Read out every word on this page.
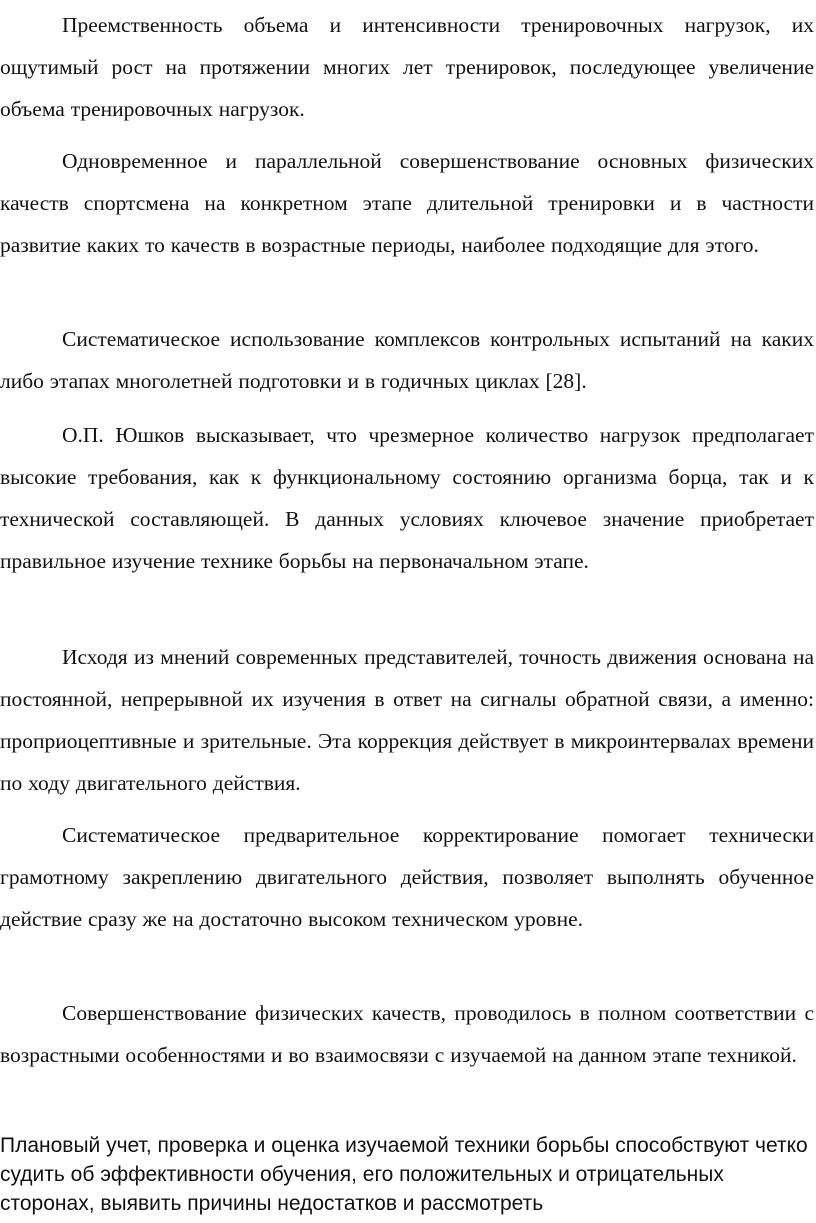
Преемственность объема и интенсивности тренировочных нагрузок, их ощутимый рост на протяжении многих лет тренировок, последующее увеличение объема тренировочных нагрузок.

Одновременное и параллельной совершенствование основных физических качеств спортсмена на конкретном этапе длительной тренировки и в частности развитие каких то качеств в возрастные периоды, наиболее подходящие для этого.

Систематическое использование комплексов контрольных испытаний на каких либо этапах многолетней подготовки и в годичных циклах [28].

О.П. Юшков высказывает, что чрезмерное количество нагрузок предполагает высокие требования, как к функциональному состоянию организма борца, так и к технической составляющей. В данных условиях ключевое значение приобретает правильное изучение технике борьбы на первоначальном этапе.

Исходя из мнений современных представителей, точность движения основана на постоянной, непрерывной их изучения в ответ на сигналы обратной связи, а именно: проприоцептивные и зрительные. Эта коррекция действует в микроинтервалах времени по ходу двигательного действия.

Систематическое предварительное корректирование помогает технически грамотному закреплению двигательного действия, позволяет выполнять обученное действие сразу же на достаточно высоком техническом уровне.

Совершенствование физических качеств, проводилось в полном соответствии с возрастными особенностями и во взаимосвязи с изучаемой на данном этапе техникой.

Плановый учет, проверка и оценка изучаемой техники борьбы способствуют четко судить об эффективности обучения, его положительных и отрицательных сторонах, выявить причины недостатков и рассмотреть
